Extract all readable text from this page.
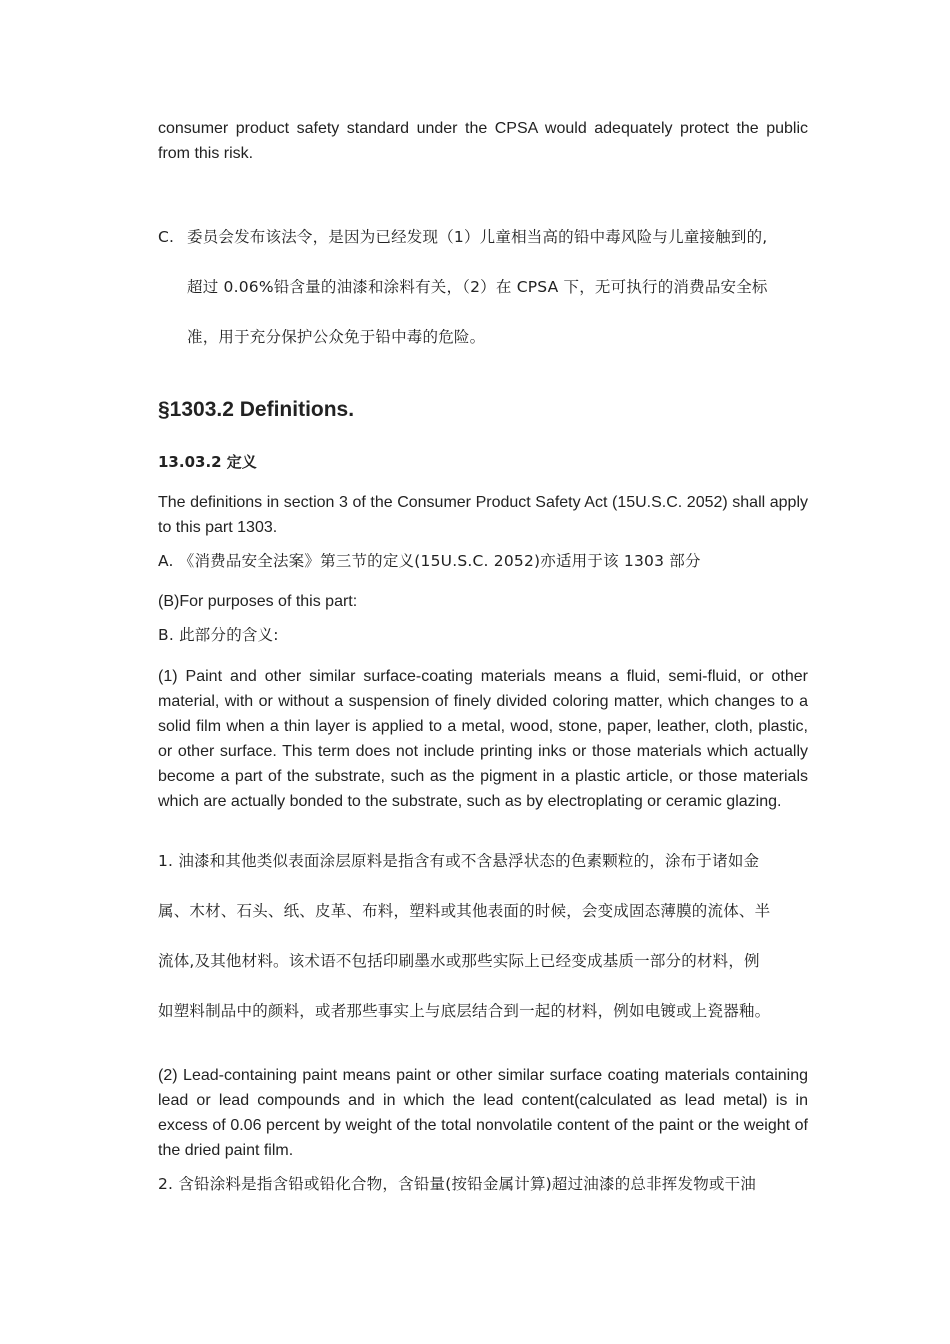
consumer product safety standard under the CPSA would adequately protect the public from this risk.

C. 委员会发布该法令，是因为已经发现（1）儿童相当高的铅中毒风险与儿童接触到的,
超过 0.06%铅含量的油漆和涂料有关，（2）在 CPSA 下，无可执行的消费品安全标
准，用于充分保护公众免于铅中毒的危险。
§1303.2 Definitions.
13.03.2 定义

The definitions in section 3 of the Consumer Product Safety Act (15U.S.C. 2052) shall apply to this part 1303.

A. 《消费品安全法案》第三节的定义(15U.S.C. 2052)亦适用于该 1303 部分

(B)For purposes of this part:

B. 此部分的含义:

(1) Paint and other similar surface-coating materials means a fluid, semi-fluid, or other material, with or without a suspension of finely divided coloring matter, which changes to a solid film when a thin layer is applied to a metal, wood, stone, paper, leather, cloth, plastic, or other surface. This term does not include printing inks or those materials which actually become a part of the substrate, such as the pigment in a plastic article, or those materials which are actually bonded to the substrate, such as by electroplating or ceramic glazing.

1. 油漆和其他类似表面涂层原料是指含有或不含悬浮状态的色素颗粒的，涂布于诸如金
属、木材、石头、纸、皮革、布料，塑料或其他表面的时候，会变成固态薄膜的流体、半
流体,及其他材料。该术语不包括印刷墨水或那些实际上已经变成基质一部分的材料，例
如塑料制品中的颜料，或者那些事实上与底层结合到一起的材料，例如电镀或上瓷器釉。

(2) Lead-containing paint means paint or other similar surface coating materials containing lead or lead compounds and in which the lead content(calculated as lead metal) is in excess of 0.06 percent by weight of the total nonvolatile content of the paint or the weight of the dried paint film.

2. 含铅涂料是指含铅或铅化合物，含铅量(按铅金属计算)超过油漆的总非挥发物或干油
